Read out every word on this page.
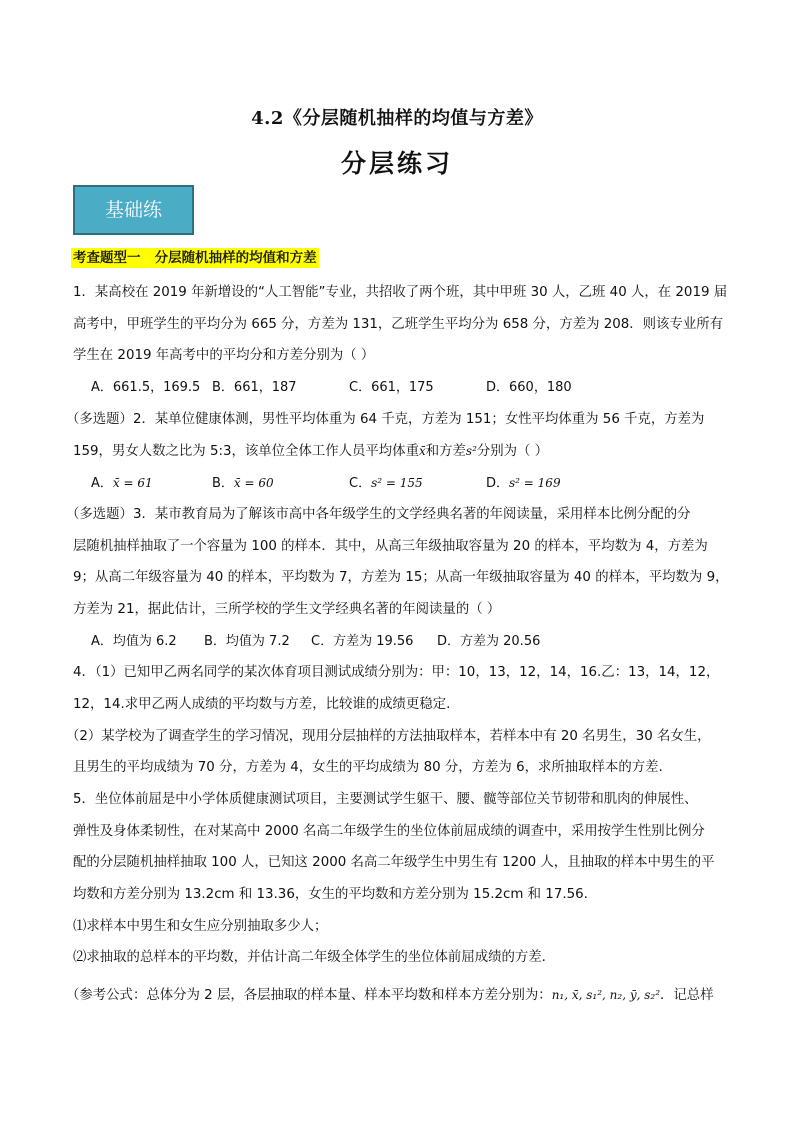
4.2《分层随机抽样的均值与方差》
分层练习
基础练
考查题型一   分层随机抽样的均值和方差
1．某高校在 2019 年新增设的“人工智能”专业，共招收了两个班，其中甲班 30 人，乙班 40 人，在 2019 届
高考中，甲班学生的平均分为 665 分，方差为 131，乙班学生平均分为 658 分，方差为 208．则该专业所有
学生在 2019 年高考中的平均分和方差分别为（ ）
A．661.5，169.5 B．661，187	C．661，175	D．660，180
（多选题）2．某单位健康体测，男性平均体重为 64 千克，方差为 151；女性平均体重为 56 千克，方差为
159，男女人数之比为 5:3，该单位全体工作人员平均体重x̄和方差s²分别为（ ）
A．x̄ = 61	B．x̄ = 60	C．s² = 155	D．s² = 169
（多选题）3．某市教育局为了解该市高中各年级学生的文学经典名著的年阅读量，采用样本比例分配的分
层随机抽样抽取了一个容量为 100 的样本．其中，从高三年级抽取容量为 20 的样本，平均数为 4，方差为
9；从高二年级容量为 40 的样本，平均数为 7，方差为 15；从高一年级抽取容量为 40 的样本，平均数为 9，
方差为 21，据此估计，三所学校的学生文学经典名著的年阅读量的（ ）
A．均值为 6.2 B．均值为 7.2 C．方差为 19.56 D．方差为 20.56
4．（1）已知甲乙两名同学的某次体育项目测试成绩分别为：甲：10，13，12，14，16.乙：13，14，12，
12，14.求甲乙两人成绩的平均数与方差，比较谁的成绩更稳定.
（2）某学校为了调查学生的学习情况，现用分层抽样的方法抽取样本，若样本中有 20 名男生，30 名女生，
且男生的平均成绩为 70 分，方差为 4，女生的平均成绩为 80 分，方差为 6，求所抽取样本的方差.
5．坐位体前屈是中小学体质健康测试项目，主要测试学生躯干、腰、髋等部位关节韧带和肌肉的伸展性、
弹性及身体柔韧性，在对某高中 2000 名高二年级学生的坐位体前屈成绩的调查中，采用按学生性别比例分
配的分层随机抽样抽取 100 人，已知这 2000 名高二年级学生中男生有 1200 人，且抽取的样本中男生的平
均数和方差分别为 13.2cm 和 13.36，女生的平均数和方差分别为 15.2cm 和 17.56.
⑴求样本中男生和女生应分别抽取多少人；
⑵求抽取的总样本的平均数，并估计高二年级全体学生的坐位体前屈成绩的方差.
（参考公式：总体分为 2 层，各层抽取的样本量、样本平均数和样本方差分别为：n₁, x̄, s₁², n₂, ȳ, s₂²．记总样
